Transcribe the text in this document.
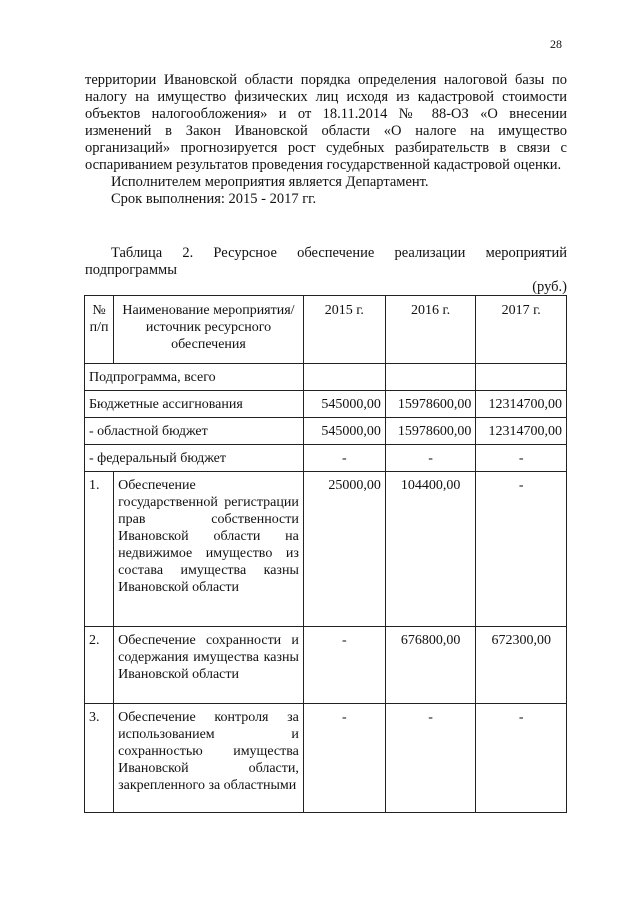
28

территории Ивановской области порядка определения налоговой базы по налогу на имущество физических лиц исходя из кадастровой стоимости объектов налогообложения» и от 18.11.2014 № 88-ОЗ «О внесении изменений в Закон Ивановской области «О налоге на имущество организаций» прогнозируется рост судебных разбирательств в связи с оспариванием результатов проведения государственной кадастровой оценки.

Исполнителем мероприятия является Департамент.

Срок выполнения: 2015 - 2017 гг.

Таблица 2. Ресурсное обеспечение реализации мероприятий подпрограммы

(руб.)
№ п/п	Наименование мероприятия/источник ресурсного обеспечения	2015 г.	2016 г.	2017 г.
Подпрограмма, всего				
Бюджетные ассигнования		545000,00	15978600,00	12314700,00
- областной бюджет		545000,00	15978600,00	12314700,00
- федеральный бюджет		-	-	-
1.	Обеспечение государственной регистрации прав собственности Ивановской области на недвижимое имущество из состава имущества казны Ивановской области	25000,00	104400,00	-
2.	Обеспечение сохранности и содержания имущества казны Ивановской области	-	676800,00	672300,00
3.	Обеспечение контроля за использованием и сохранностью имущества Ивановской области, закрепленного за областными	-	-	-
